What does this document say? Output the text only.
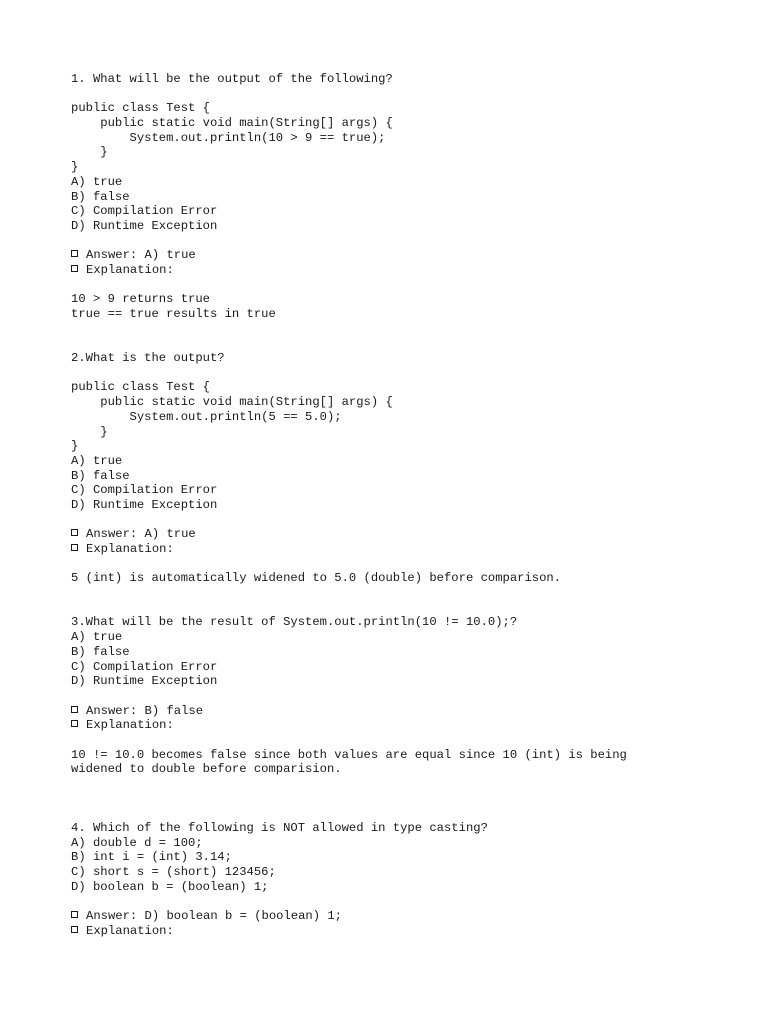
1. What will be the output of the following?
public class Test {
public static void main(String[] args) {
System.out.println(10 > 9 == true);
}
}
A) true
B) false
C) Compilation Error
D) Runtime Exception
Answer: A) true
Explanation:
10 > 9 returns true
true == true results in true
2.What is the output?
public class Test {
public static void main(String[] args) {
System.out.println(5 == 5.0);
}
}
A) true
B) false
C) Compilation Error
D) Runtime Exception
Answer: A) true
Explanation:
5 (int) is automatically widened to 5.0 (double) before comparison.
3.What will be the result of System.out.println(10 != 10.0);?
A) true
B) false
C) Compilation Error
D) Runtime Exception
Answer: B) false
Explanation:
10 != 10.0 becomes false since both values are equal since 10 (int) is being
widened to double before comparision.
4. Which of the following is NOT allowed in type casting?
A) double d = 100;
B) int i = (int) 3.14;
C) short s = (short) 123456;
D) boolean b = (boolean) 1;
Answer: D) boolean b = (boolean) 1;
Explanation:
